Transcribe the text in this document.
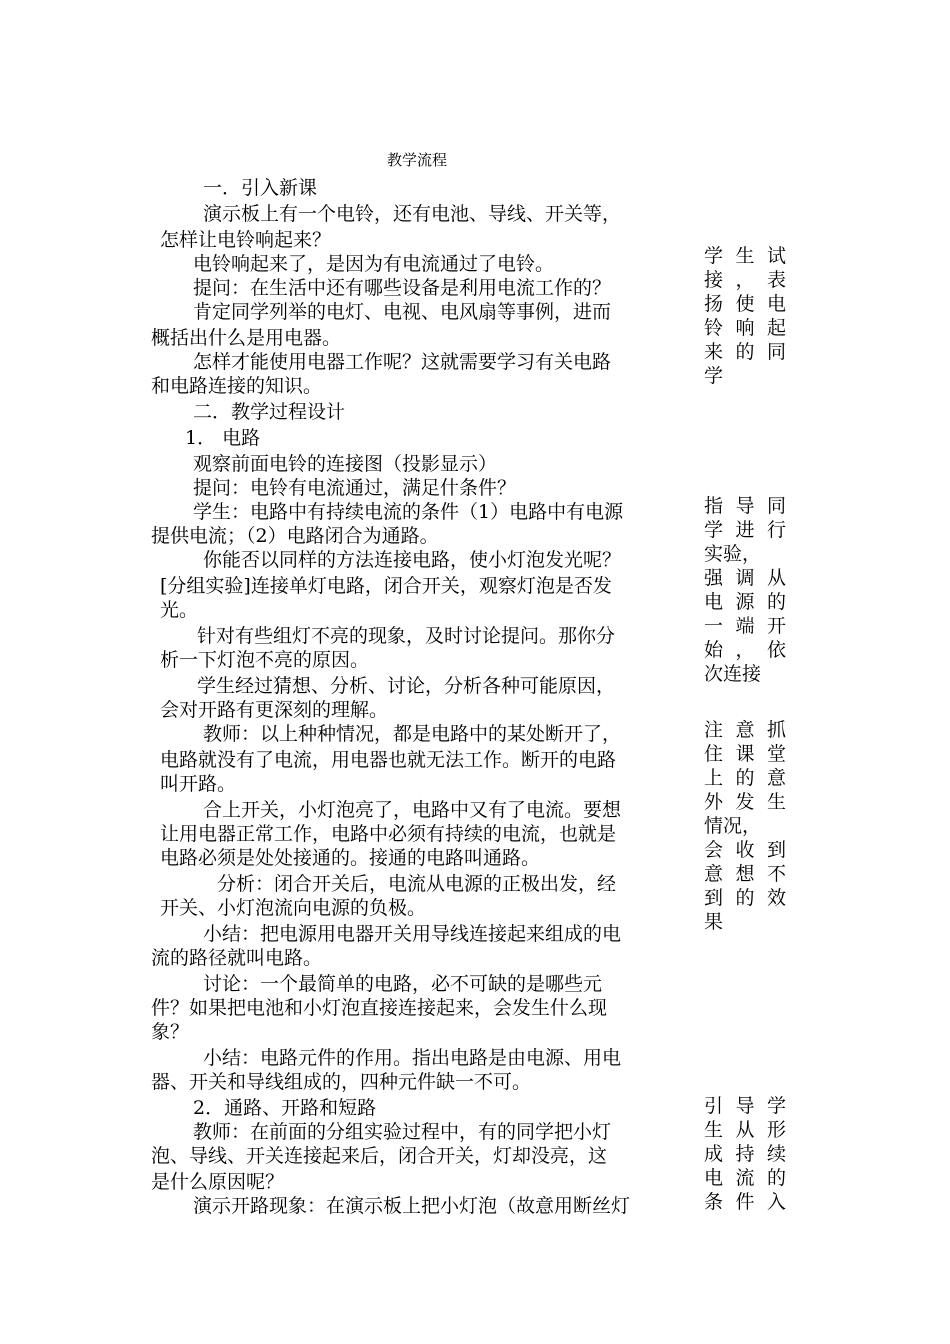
教学流程
一．引入新课
演示板上有一个电铃，还有电池、导线、开关等，
怎样让电铃响起来？
电铃响起来了，是因为有电流通过了电铃。
提问：在生活中还有哪些设备是利用电流工作的？
肯定同学列举的电灯、电视、电风扇等事例，进而
概括出什么是用电器。
怎样才能使用电器工作呢？这就需要学习有关电路
和电路连接的知识。
二．教学过程设计
1． 电路
观察前面电铃的连接图（投影显示）
提问：电铃有电流通过，满足什条件？
学生：电路中有持续电流的条件（1）电路中有电源
提供电流；（2）电路闭合为通路。
你能否以同样的方法连接电路，使小灯泡发光呢？
[分组实验]连接单灯电路，闭合开关，观察灯泡是否发
光。
针对有些组灯不亮的现象，及时讨论提问。那你分
析一下灯泡不亮的原因。
学生经过猜想、分析、讨论，分析各种可能原因，
会对开路有更深刻的理解。
教师：以上种种情况，都是电路中的某处断开了，
电路就没有了电流，用电器也就无法工作。断开的电路
叫开路。
合上开关，小灯泡亮了，电路中又有了电流。要想
让用电器正常工作，电路中必须有持续的电流，也就是
电路必须是处处接通的。接通的电路叫通路。
分析：闭合开关后，电流从电源的正极出发，经
开关、小灯泡流向电源的负极。
小结：把电源用电器开关用导线连接起来组成的电
流的路径就叫电路。
讨论：一个最简单的电路，必不可缺的是哪些元
件？如果把电池和小灯泡直接连接起来，会发生什么现
象？
小结：电路元件的作用。指出电路是由电源、用电
器、开关和导线组成的，四种元件缺一不可。
2．通路、开路和短路
教师：在前面的分组实验过程中，有的同学把小灯
泡、导线、开关连接起来后，闭合开关，灯却没亮，这
是什么原因呢？
演示开路现象：在演示板上把小灯泡（故意用断丝灯
学生试
接，表
扬使电
铃响起
来的同
学
指导同
学进行
实验，
强调从
电源的
一端开
始，依
次连接
注意抓
住课堂
上的意
外发生
情况，
会收到
意想不
到的效
果
引导学
生从形
成持续
电流的
条件入
